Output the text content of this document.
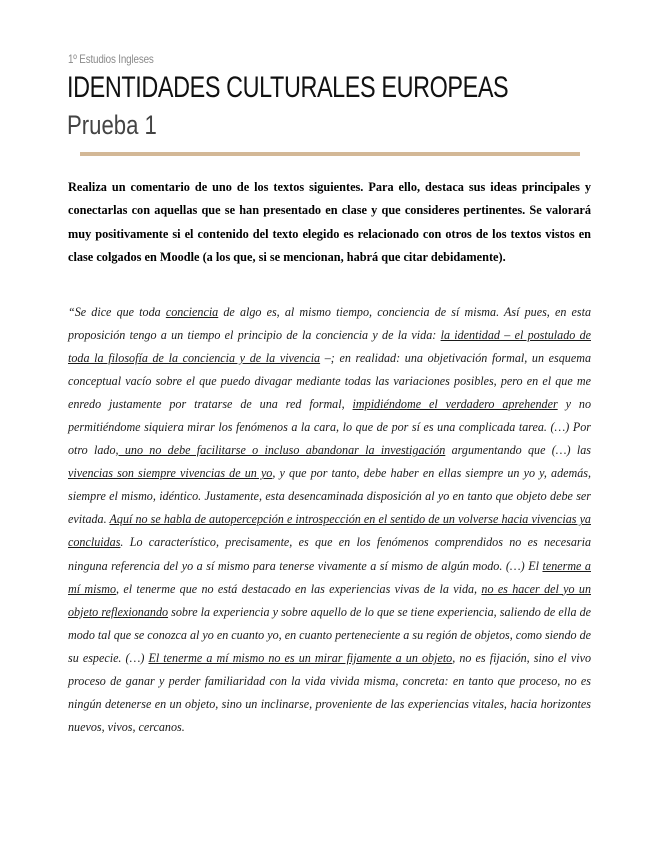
1º Estudios Ingleses
IDENTIDADES CULTURALES EUROPEAS
Prueba 1

Realiza un comentario de uno de los textos siguientes. Para ello, destaca sus ideas principales y conectarlas con aquellas que se han presentado en clase y que consideres pertinentes. Se valorará muy positivamente si el contenido del texto elegido es relacionado con otros de los textos vistos en clase colgados en Moodle (a los que, si se mencionan, habrá que citar debidamente).

“Se dice que toda conciencia de algo es, al mismo tiempo, conciencia de sí misma. Así pues, en esta proposición tengo a un tiempo el principio de la conciencia y de la vida: la identidad – el postulado de toda la filosofía de la conciencia y de la vivencia –; en realidad: una objetivación formal, un esquema conceptual vacío sobre el que puedo divagar mediante todas las variaciones posibles, pero en el que me enredo justamente por tratarse de una red formal, impidiéndome el verdadero aprehender y no permitiéndome siquiera mirar los fenómenos a la cara, lo que de por sí es una complicada tarea. (…) Por otro lado, uno no debe facilitarse o incluso abandonar la investigación argumentando que (…) las vivencias son siempre vivencias de un yo, y que por tanto, debe haber en ellas siempre un yo y, además, siempre el mismo, idéntico. Justamente, esta desencaminada disposición al yo en tanto que objeto debe ser evitada. Aquí no se habla de autopercepción e introspección en el sentido de un volverse hacia vivencias ya concluidas. Lo característico, precisamente, es que en los fenómenos comprendidos no es necesaria ninguna referencia del yo a sí mismo para tenerse vivamente a sí mismo de algún modo. (…) El tenerme a mí mismo, el tenerme que no está destacado en las experiencias vivas de la vida, no es hacer del yo un objeto reflexionando sobre la experiencia y sobre aquello de lo que se tiene experiencia, saliendo de ella de modo tal que se conozca al yo en cuanto yo, en cuanto perteneciente a su región de objetos, como siendo de su especie. (…) El tenerme a mí mismo no es un mirar fijamente a un objeto, no es fijación, sino el vivo proceso de ganar y perder familiaridad con la vida vivida misma, concreta: en tanto que proceso, no es ningún detenerse en un objeto, sino un inclinarse, proveniente de las experiencias vitales, hacia horizontes nuevos, vivos, cercanos.
